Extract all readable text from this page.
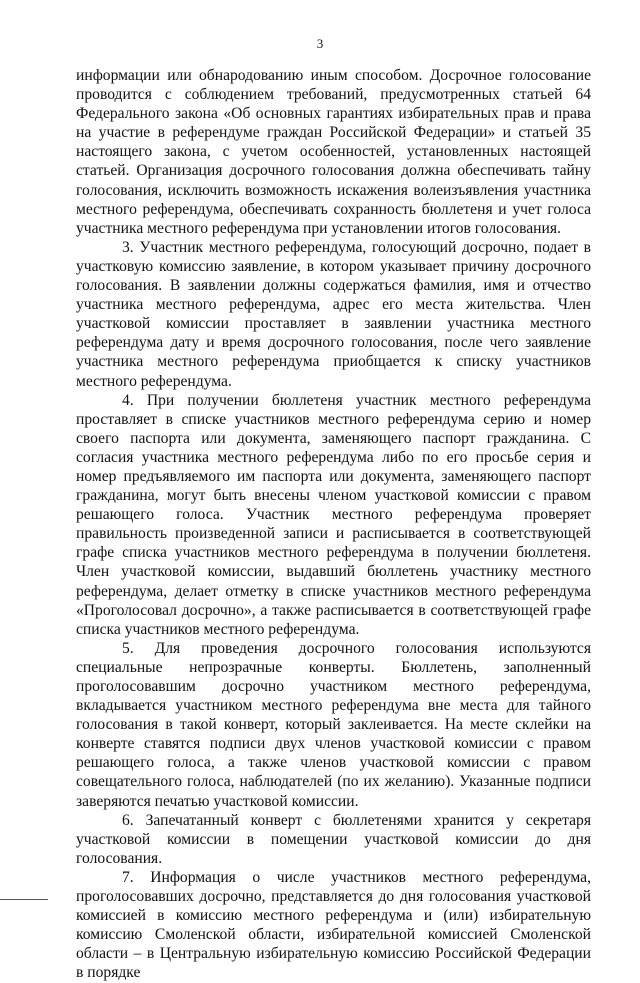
3

информации или обнародованию иным способом. Досрочное голосование проводится с соблюдением требований, предусмотренных статьей 64 Федерального закона «Об основных гарантиях избирательных прав и права на участие в референдуме граждан Российской Федерации» и статьей 35 настоящего закона, с учетом особенностей, установленных настоящей статьей. Организация досрочного голосования должна обеспечивать тайну голосования, исключить возможность искажения волеизъявления участника местного референдума, обеспечивать сохранность бюллетеня и учет голоса участника местного референдума при установлении итогов голосования.

3. Участник местного референдума, голосующий досрочно, подает в участковую комиссию заявление, в котором указывает причину досрочного голосования. В заявлении должны содержаться фамилия, имя и отчество участника местного референдума, адрес его места жительства. Член участковой комиссии проставляет в заявлении участника местного референдума дату и время досрочного голосования, после чего заявление участника местного референдума приобщается к списку участников местного референдума.

4. При получении бюллетеня участник местного референдума проставляет в списке участников местного референдума серию и номер своего паспорта или документа, заменяющего паспорт гражданина. С согласия участника местного референдума либо по его просьбе серия и номер предъявляемого им паспорта или документа, заменяющего паспорт гражданина, могут быть внесены членом участковой комиссии с правом решающего голоса. Участник местного референдума проверяет правильность произведенной записи и расписывается в соответствующей графе списка участников местного референдума в получении бюллетеня. Член участковой комиссии, выдавший бюллетень участнику местного референдума, делает отметку в списке участников местного референдума «Проголосовал досрочно», а также расписывается в соответствующей графе списка участников местного референдума.

5. Для проведения досрочного голосования используются специальные непрозрачные конверты. Бюллетень, заполненный проголосовавшим досрочно участником местного референдума, вкладывается участником местного референдума вне места для тайного голосования в такой конверт, который заклеивается. На месте склейки на конверте ставятся подписи двух членов участковой комиссии с правом решающего голоса, а также членов участковой комиссии с правом совещательного голоса, наблюдателей (по их желанию). Указанные подписи заверяются печатью участковой комиссии.

6. Запечатанный конверт с бюллетенями хранится у секретаря участковой комиссии в помещении участковой комиссии до дня голосования.

7. Информация о числе участников местного референдума, проголосовавших досрочно, представляется до дня голосования участковой комиссией в комиссию местного референдума и (или) избирательную комиссию Смоленской области, избирательной комиссией Смоленской области – в Центральную избирательную комиссию Российской Федерации в порядке
